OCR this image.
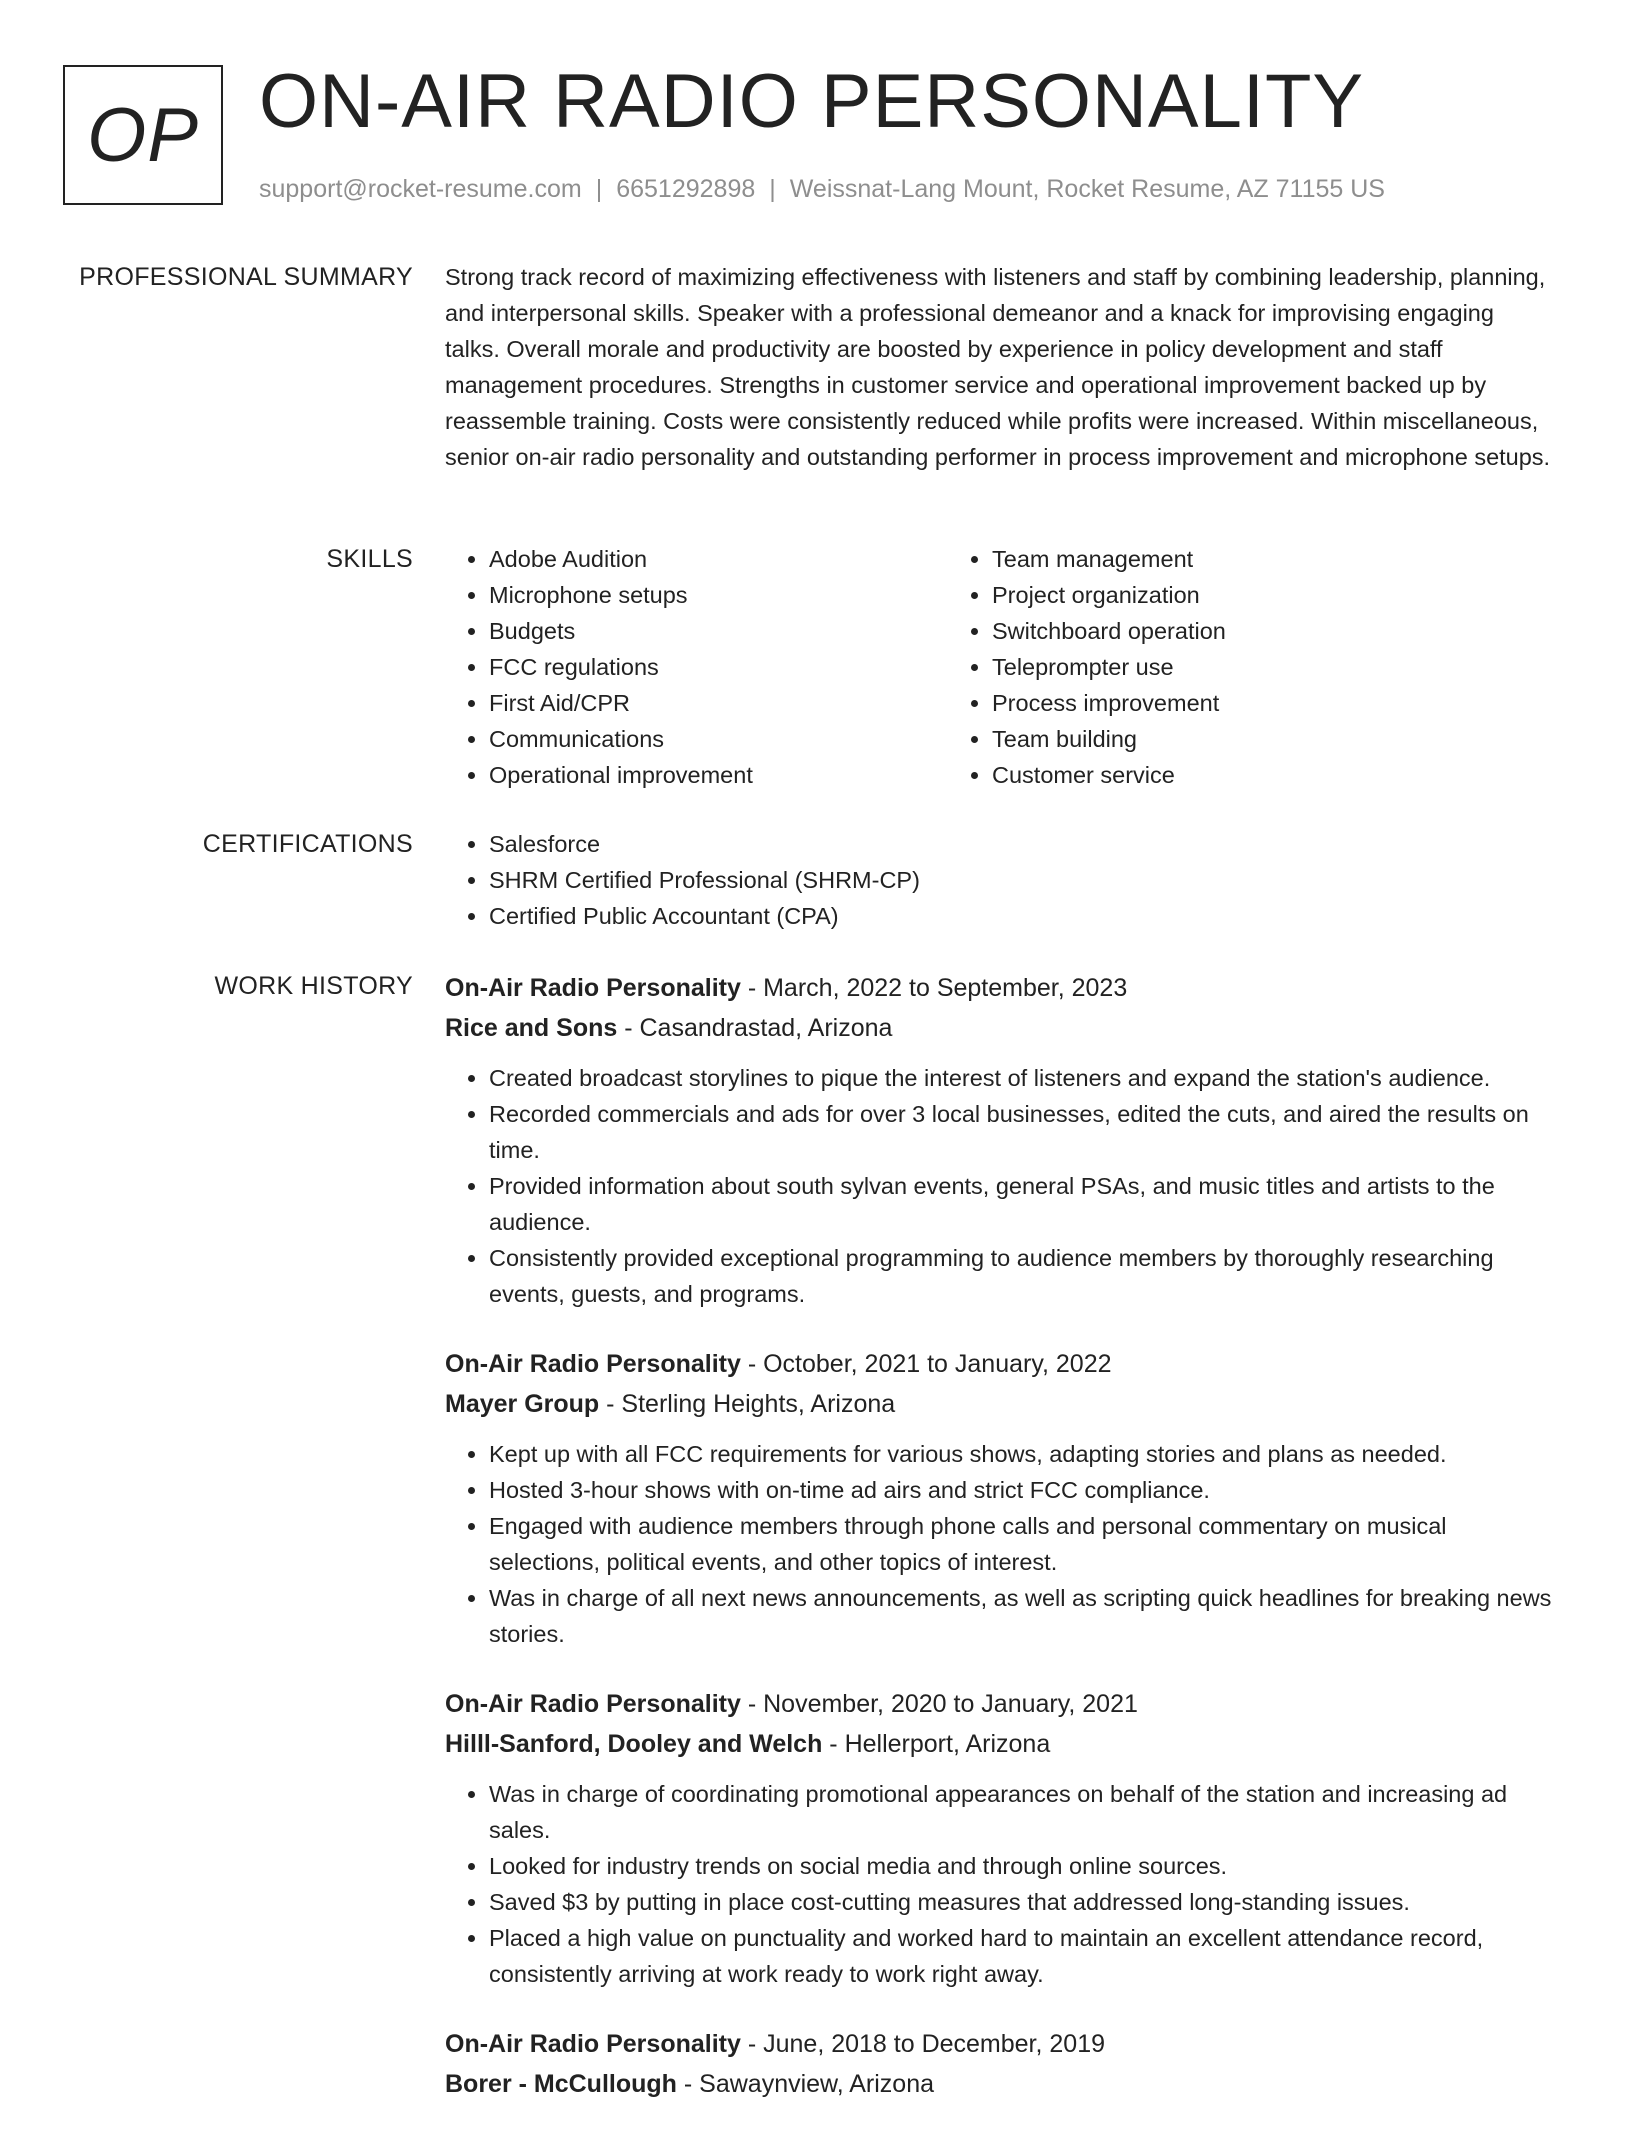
OP ON-AIR RADIO PERSONALITY
support@rocket-resume.com | 6651292898 | Weissnat-Lang Mount, Rocket Resume, AZ 71155 US
PROFESSIONAL SUMMARY Strong track record of maximizing effectiveness with listeners and staff by combining leadership, planning, and interpersonal skills. Speaker with a professional demeanor and a knack for improvising engaging talks. Overall morale and productivity are boosted by experience in policy development and staff management procedures. Strengths in customer service and operational improvement backed up by reassemble training. Costs were consistently reduced while profits were increased. Within miscellaneous, senior on-air radio personality and outstanding performer in process improvement and microphone setups.
SKILLS	• Adobe Audition
• Microphone setups
• Budgets
• FCC regulations
• First Aid/CPR
• Communications
• Operational improvement
• Team management
• Project organization
• Switchboard operation
• Teleprompter use
• Process improvement
• Team building
• Customer service
CERTIFICATIONS	• Salesforce
• SHRM Certified Professional (SHRM-CP)
• Certified Public Accountant (CPA)
WORK HISTORY On-Air Radio Personality - March, 2022 to September, 2023
Rice and Sons - Casandrastad, Arizona
• Created broadcast storylines to pique the interest of listeners and expand the station's audience.
• Recorded commercials and ads for over 3 local businesses, edited the cuts, and aired the results on time.
• Provided information about south sylvan events, general PSAs, and music titles and artists to the audience.
• Consistently provided exceptional programming to audience members by thoroughly researching events, guests, and programs.
On-Air Radio Personality - October, 2021 to January, 2022
Mayer Group - Sterling Heights, Arizona
• Kept up with all FCC requirements for various shows, adapting stories and plans as needed.
• Hosted 3-hour shows with on-time ad airs and strict FCC compliance.
• Engaged with audience members through phone calls and personal commentary on musical selections, political events, and other topics of interest.
• Was in charge of all next news announcements, as well as scripting quick headlines for breaking news stories.
On-Air Radio Personality - November, 2020 to January, 2021
Hilll-Sanford, Dooley and Welch - Hellerport, Arizona
• Was in charge of coordinating promotional appearances on behalf of the station and increasing ad sales.
• Looked for industry trends on social media and through online sources.
• Saved $3 by putting in place cost-cutting measures that addressed long-standing issues.
• Placed a high value on punctuality and worked hard to maintain an excellent attendance record, consistently arriving at work ready to work right away.
On-Air Radio Personality - June, 2018 to December, 2019
Borer - McCullough - Sawaynview, Arizona
